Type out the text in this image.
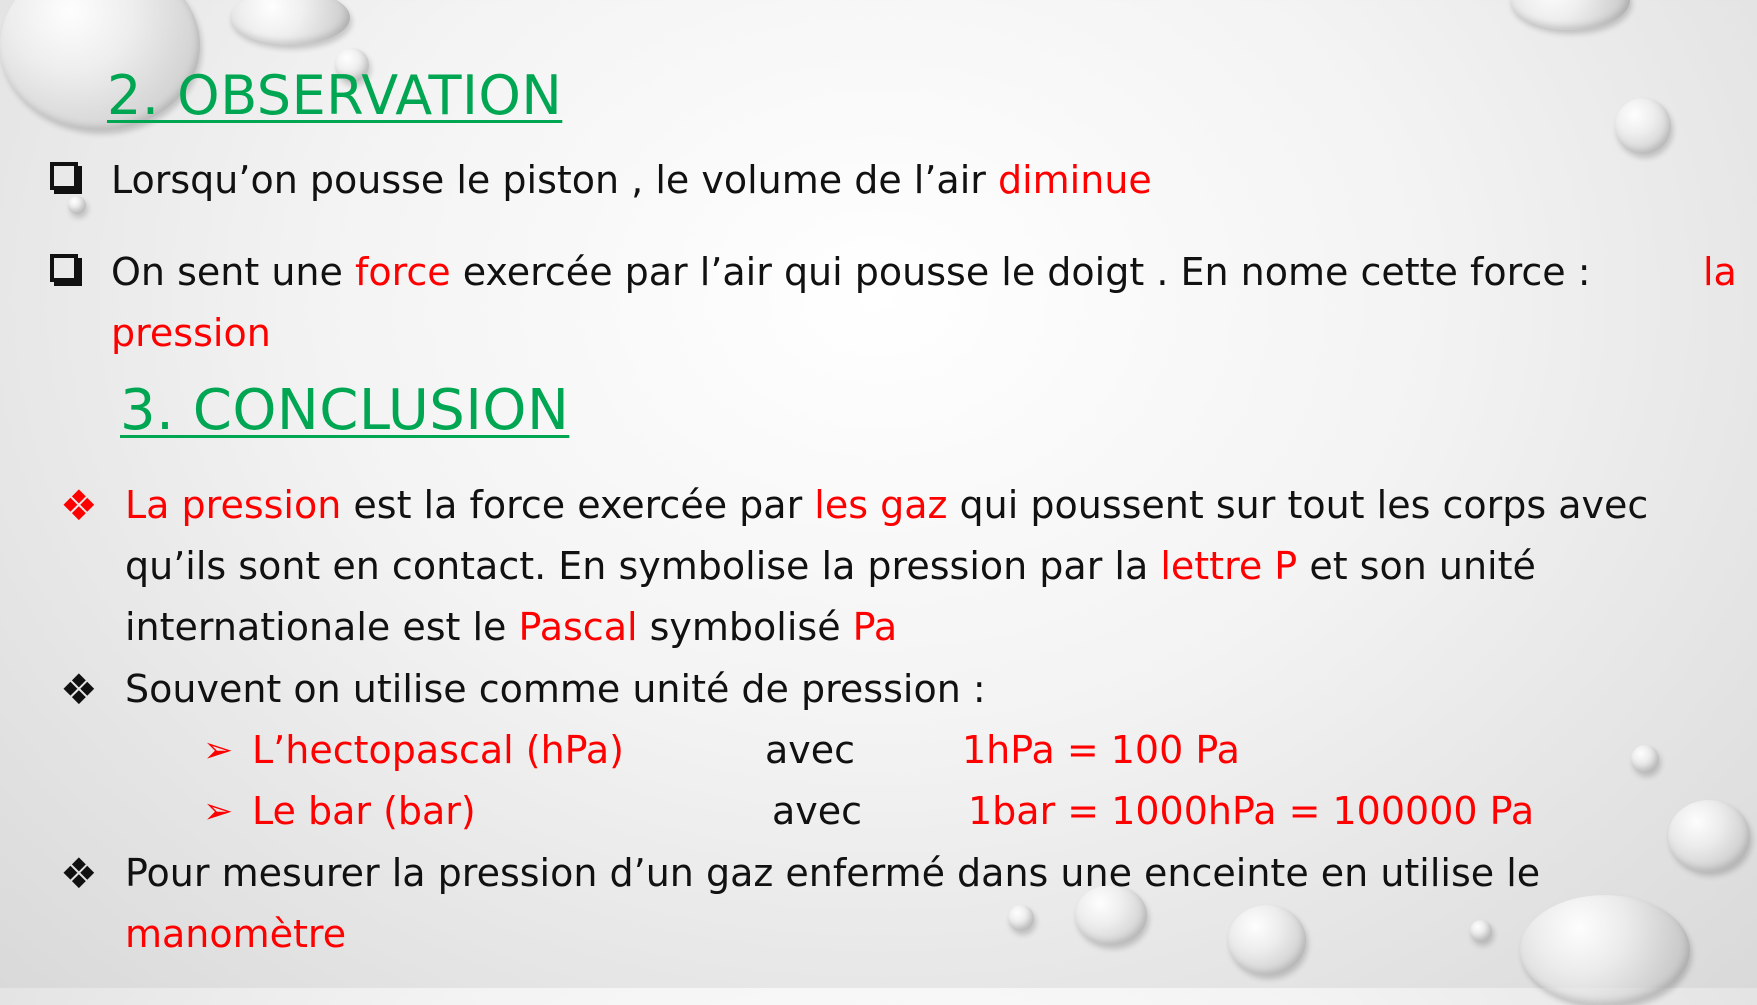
2. OBSERVATION
Lorsqu’on pousse le piston , le volume de l’air diminue
On sent une force exercée par l’air qui pousse le doigt . En nome cette force :	la
pression
3. CONCLUSION
❖ La pression est la force exercée par les gaz qui poussent sur tout les corps avec
qu’ils sont en contact. En symbolise la pression par la lettre P et son unité
internationale est le Pascal symbolisé Pa
❖ Souvent on utilise comme unité de pression :
➢ L’hectopascal (hPa)	avec	1hPa = 100 Pa
➢ Le bar (bar)	avec	1bar = 1000hPa = 100000 Pa
❖ Pour mesurer la pression d’un gaz enfermé dans une enceinte en utilise le
manomètre
